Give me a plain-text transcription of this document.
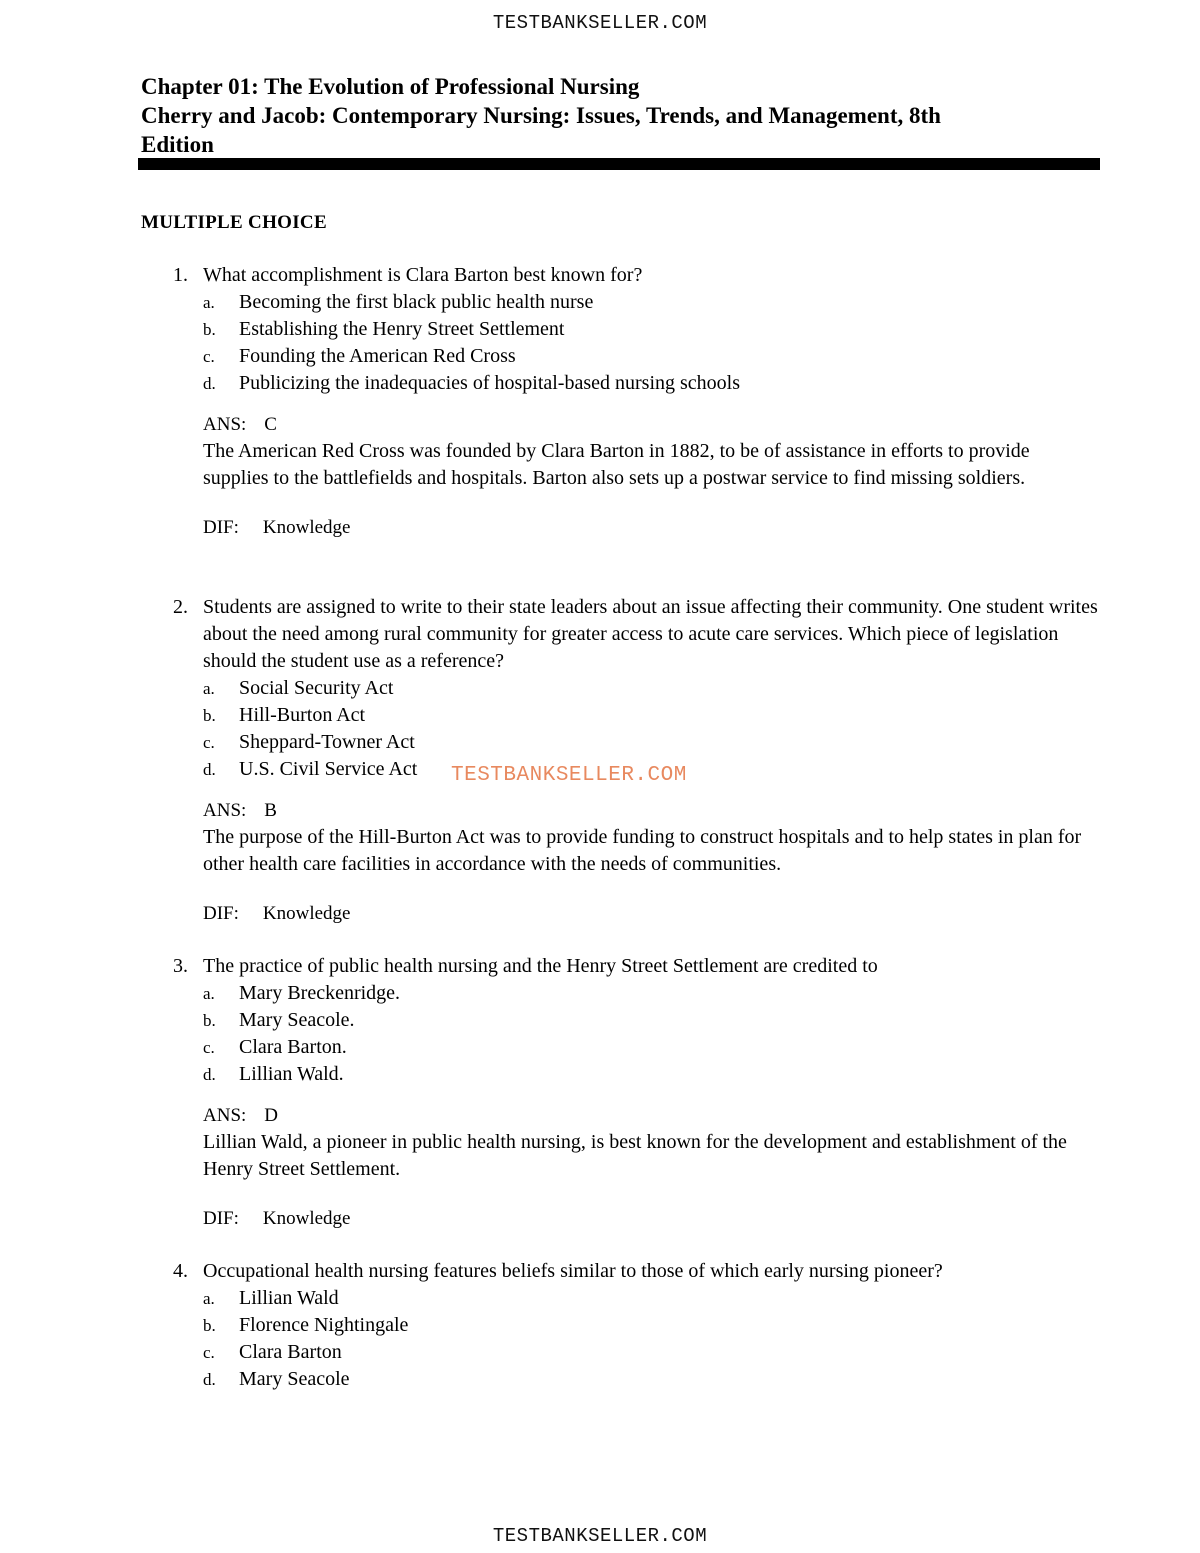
TESTBANKSELLER.COM
Chapter 01: The Evolution of Professional Nursing
Cherry and Jacob: Contemporary Nursing: Issues, Trends, and Management, 8th
Edition
MULTIPLE CHOICE
1. What accomplishment is Clara Barton best known for?
a.	Becoming the first black public health nurse
b.	Establishing the Henry Street Settlement
c.	Founding the American Red Cross
d.	Publicizing the inadequacies of hospital-based nursing schools
ANS: C
The American Red Cross was founded by Clara Barton in 1882, to be of assistance in efforts to provide supplies to the battlefields and hospitals. Barton also sets up a postwar service to find missing soldiers.
DIF: Knowledge
2. Students are assigned to write to their state leaders about an issue affecting their community. One student writes about the need among rural community for greater access to acute care services. Which piece of legislation should the student use as a reference?
a.	Social Security Act
b.	Hill-Burton Act
c.	Sheppard-Towner Act
d.	U.S. Civil Service Act
ANS: B
The purpose of the Hill-Burton Act was to provide funding to construct hospitals and to help states in plan for other health care facilities in accordance with the needs of communities.
DIF: Knowledge
TESTBANKSELLER.COM
3. The practice of public health nursing and the Henry Street Settlement are credited to
a.	Mary Breckenridge.
b.	Mary Seacole.
c.	Clara Barton.
d.	Lillian Wald.
ANS: D
Lillian Wald, a pioneer in public health nursing, is best known for the development and establishment of the Henry Street Settlement.
DIF: Knowledge
4. Occupational health nursing features beliefs similar to those of which early nursing pioneer?
a.	Lillian Wald
b.	Florence Nightingale
c.	Clara Barton
d.	Mary Seacole
TESTBANKSELLER.COM
